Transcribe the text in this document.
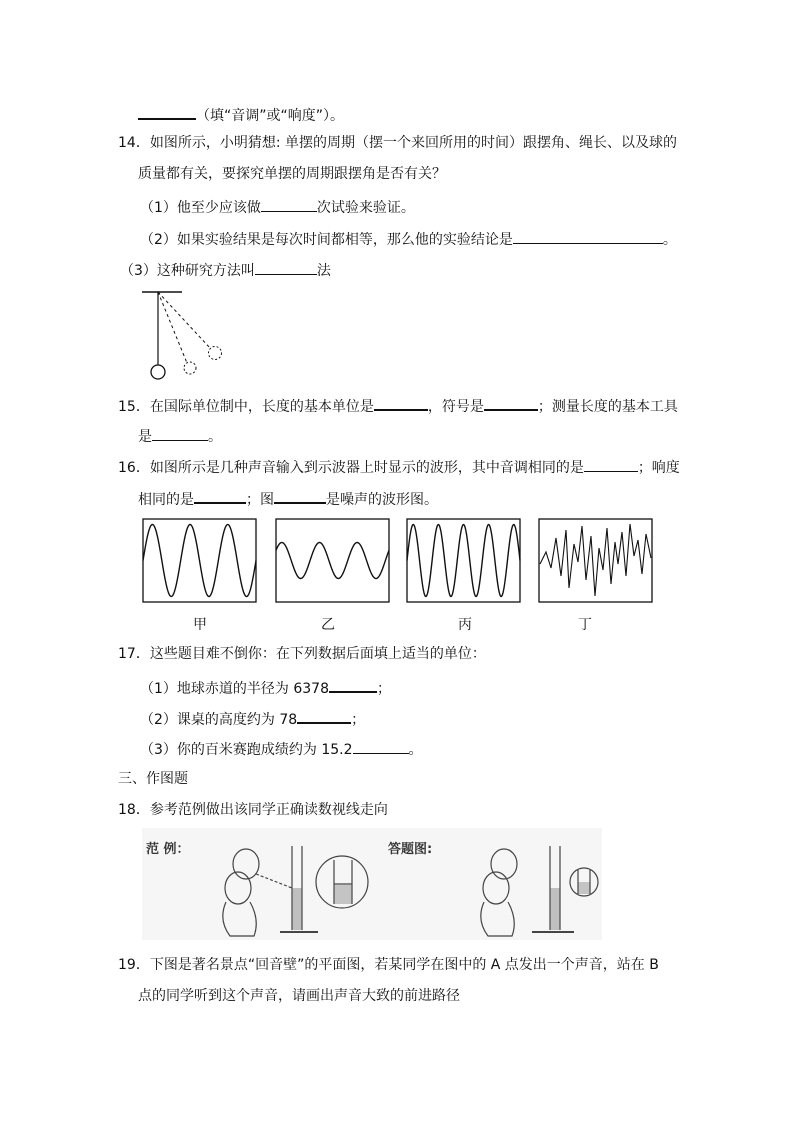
（填“音调”或“响度”）。
14．如图所示，小明猜想: 单摆的周期（摆一个来回所用的时间）跟摆角、绳长、以及球的
质量都有关，要探究单摆的周期跟摆角是否有关？
（1）他至少应该做	次试验来验证。
（2）如果实验结果是每次时间都相等，那么他的实验结论是	。
（3）这种研究方法叫	法
15．在国际单位制中，长度的基本单位是	，符号是	；测量长度的基本工具
是	。
16．如图所示是几种声音输入到示波器上时显示的波形，其中音调相同的是	；响度
相同的是	；图	是噪声的波形图。
甲	乙	丙	丁
17．这些题目难不倒你：在下列数据后面填上适当的单位：
（1）地球赤道的半径为 6378	；
（2）课桌的高度约为 78	；
（3）你的百米赛跑成绩约为 15.2	。
三、作图题
18．参考范例做出该同学正确读数视线走向
范 例：	答题图:
19．下图是著名景点“回音壁”的平面图，若某同学在图中的 A 点发出一个声音，站在 B
点的同学听到这个声音，请画出声音大致的前进路径
